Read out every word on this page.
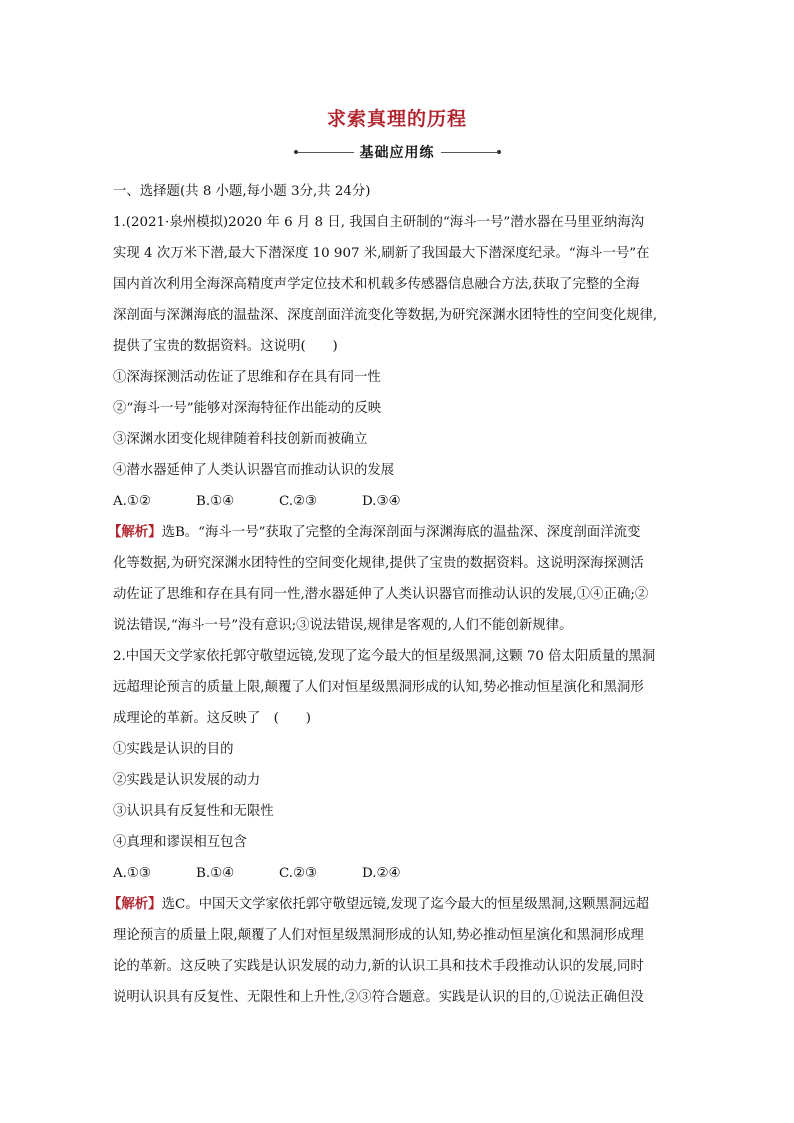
求索真理的历程
基础应用练

一、选择题(共 8 小题,每小题 3分,共 24分)

1.(2021·泉州模拟)2020 年 6 月 8 日, 我国自主研制的“海斗一号”潜水器在马里亚纳海沟

实现 4 次万米下潜,最大下潜深度 10 907 米,刷新了我国最大下潜深度纪录。“海斗一号”在

国内首次利用全海深高精度声学定位技术和机载多传感器信息融合方法,获取了完整的全海

深剖面与深渊海底的温盐深、深度剖面洋流变化等数据,为研究深渊水团特性的空间变化规律,

提供了宝贵的数据资料。这说明(　　)

①深海探测活动佐证了思维和存在具有同一性

②“海斗一号”能够对深海特征作出能动的反映

③深渊水团变化规律随着科技创新而被确立

④潜水器延伸了人类认识器官而推动认识的发展

A.①②	B.①④	C.②③	D.③④

【解析】选B。“海斗一号”获取了完整的全海深剖面与深渊海底的温盐深、深度剖面洋流变

化等数据,为研究深渊水团特性的空间变化规律,提供了宝贵的数据资料。这说明深海探测活

动佐证了思维和存在具有同一性,潜水器延伸了人类认识器官而推动认识的发展,①④正确;②

说法错误,“海斗一号”没有意识;③说法错误,规律是客观的,人们不能创新规律。

2.中国天文学家依托郭守敬望远镜,发现了迄今最大的恒星级黑洞,这颗 70 倍太阳质量的黑洞

远超理论预言的质量上限,颠覆了人们对恒星级黑洞形成的认知,势必推动恒星演化和黑洞形

成理论的革新。这反映了　(　　)

①实践是认识的目的

②实践是认识发展的动力

③认识具有反复性和无限性

④真理和谬误相互包含

A.①③	B.①④	C.②③	D.②④

【解析】选C。中国天文学家依托郭守敬望远镜,发现了迄今最大的恒星级黑洞,这颗黑洞远超

理论预言的质量上限,颠覆了人们对恒星级黑洞形成的认知,势必推动恒星演化和黑洞形成理

论的革新。这反映了实践是认识发展的动力,新的认识工具和技术手段推动认识的发展,同时

说明认识具有反复性、无限性和上升性,②③符合题意。实践是认识的目的,①说法正确但没
